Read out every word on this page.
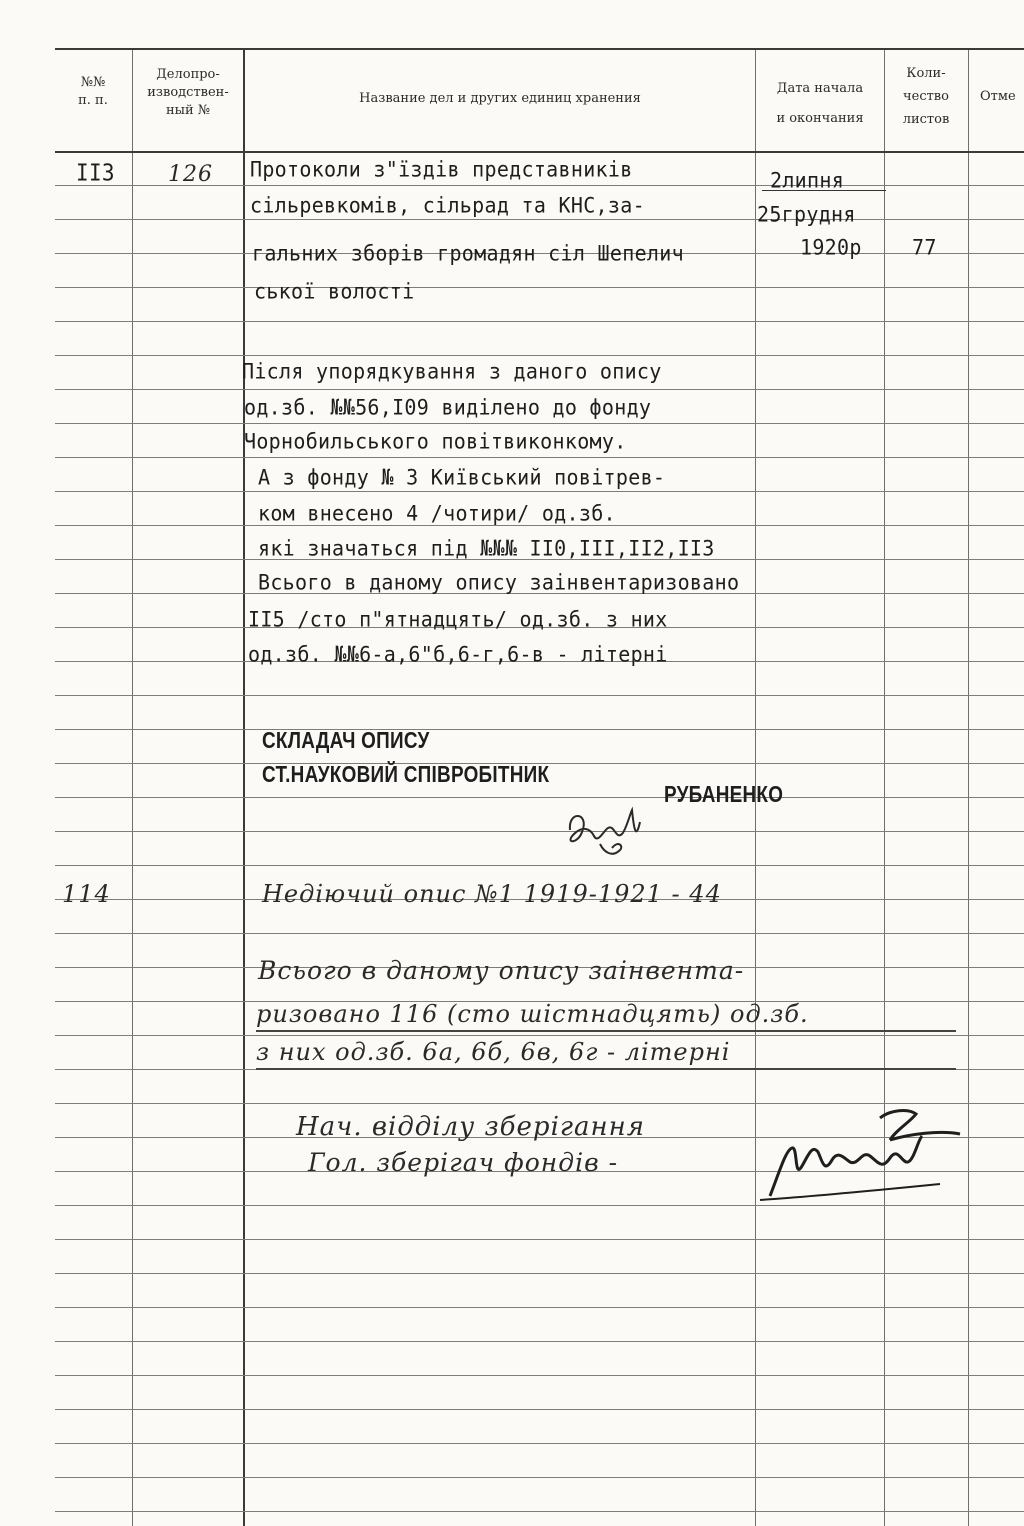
№№
п. п.
Делопро-
изводствен-
ный №
Название дел и других единиц хранения
Дата начала
и окончания
Коли-
чество
листов
Отме
II3 126 Протоколи з"їздів представників
сільревкомів, сільрад та КНС,за-
гальних зборів громадян сіл Шепелич
ської волості
2липня
25грудня
1920р	77
Після упорядкування з даного опису
од.зб. №№56,I09 виділено до фонду
Чорнобильського повітвиконкому.
А з фонду № 3 Київський повітрев-
ком внесено 4 /чотири/ од.зб.
які значаться під №№№ II0,III,II2,II3
Всього в даному опису заінвентаризовано
II5 /сто п"ятнадцять/ од.зб. з них
од.зб. №№6-а,6"б,6-г,6-в - літерні
СКЛАДАЧ ОПИСУ
СТ.НАУКОВИЙ СПІВРОБІТНИК
РУБАНЕНКО
114	Недіючий опис №1 1919-1921 - 44
Всього в даному опису заінвента-
ризовано 116 (сто шістнадцять) од.зб.
з них од.зб. 6а, 6б, 6в, 6г - літерні
Нач. відділу зберігання
Гол. зберігач фондів -
